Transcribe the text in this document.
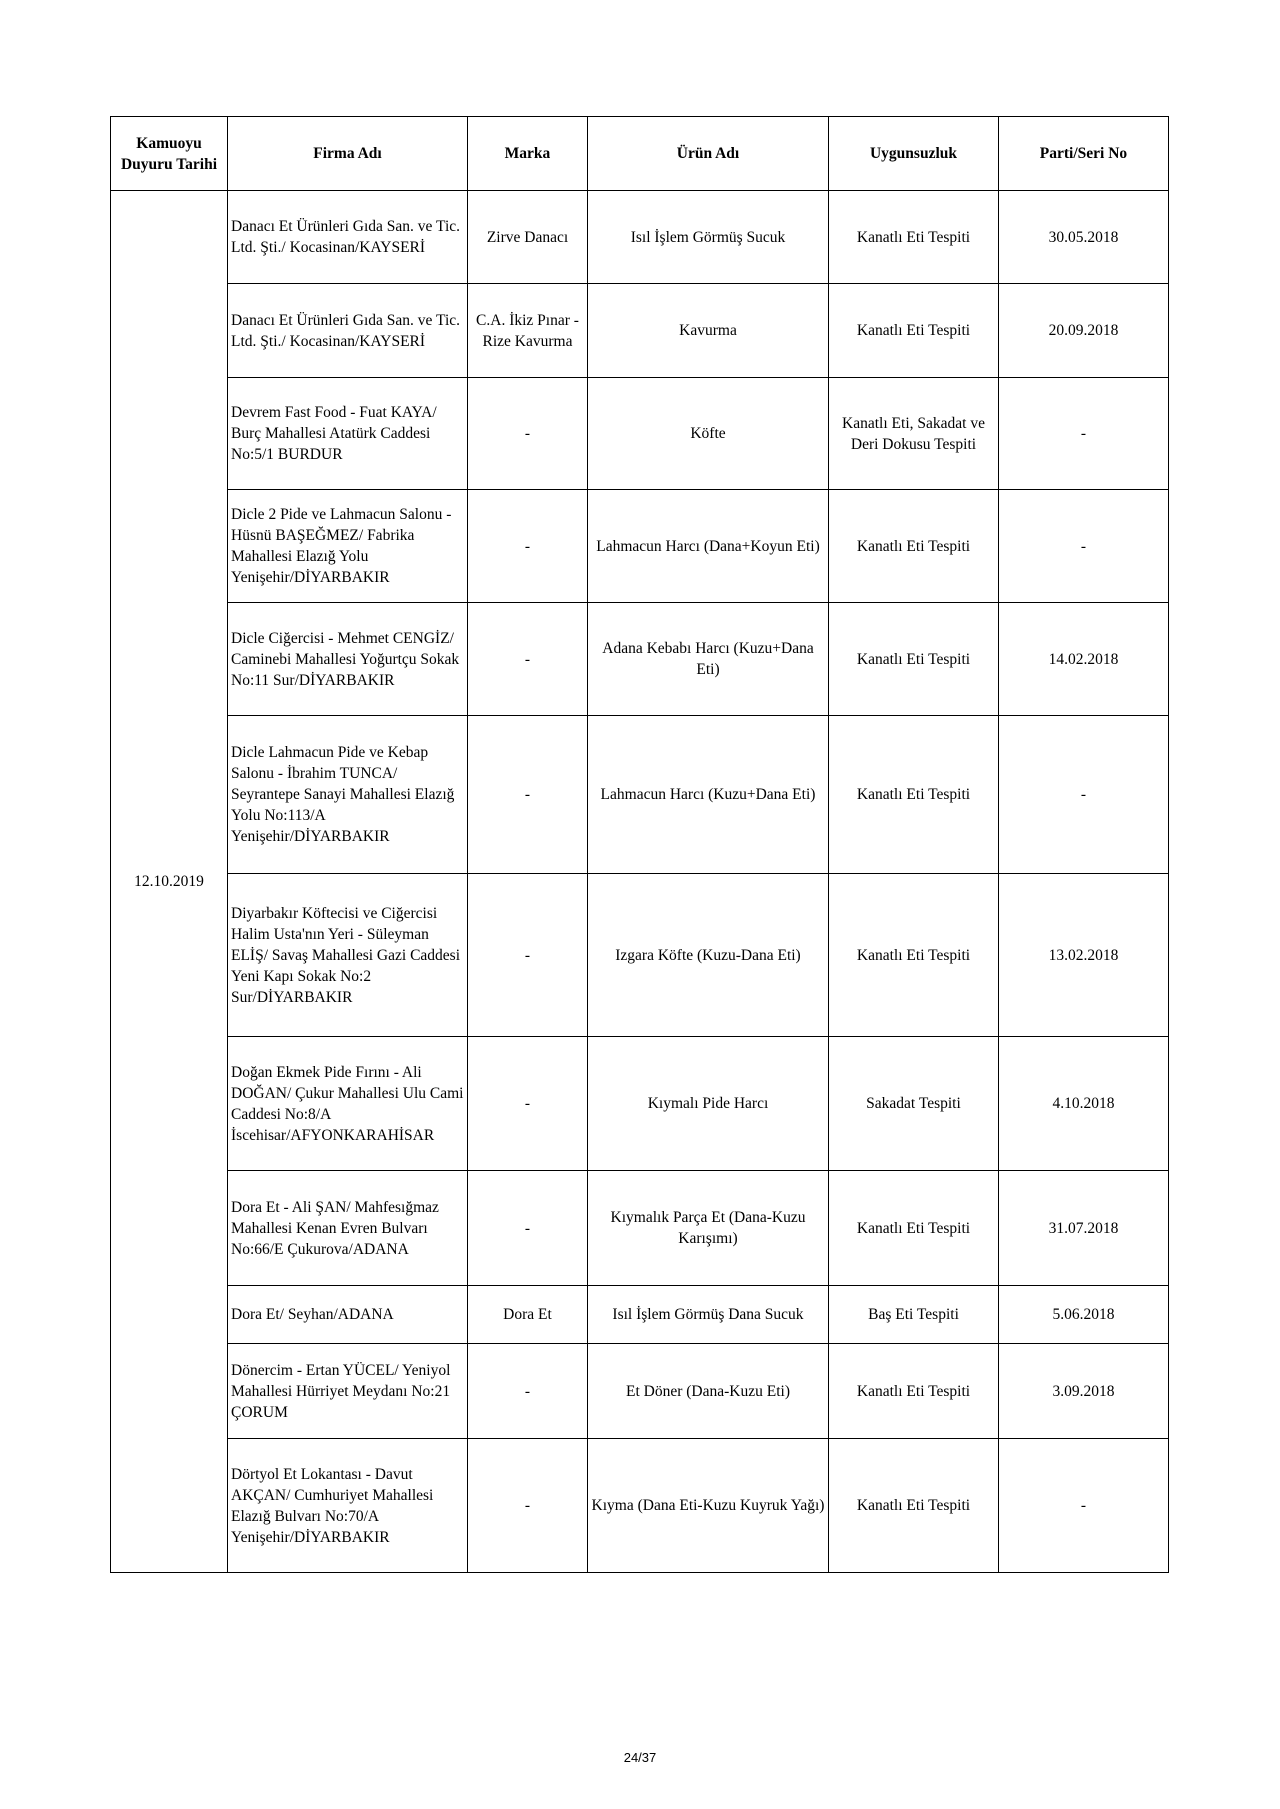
Kamuoyu Duyuru Tarihi	Firma Adı	Marka	Ürün Adı	Uygunsuzluk	Parti/Seri No
12.10.2019	Danacı Et Ürünleri Gıda San. ve Tic. Ltd. Şti./ Kocasinan/KAYSERİ	Zirve Danacı	Isıl İşlem Görmüş Sucuk	Kanatlı Eti Tespiti	30.05.2018
	Danacı Et Ürünleri Gıda San. ve Tic. Ltd. Şti./ Kocasinan/KAYSERİ	C.A. İkiz Pınar - Rize Kavurma	Kavurma	Kanatlı Eti Tespiti	20.09.2018
	Devrem Fast Food - Fuat KAYA/ Burç Mahallesi Atatürk Caddesi No:5/1 BURDUR	-	Köfte	Kanatlı Eti, Sakadat ve Deri Dokusu Tespiti	-
	Dicle 2 Pide ve Lahmacun Salonu - Hüsnü BAŞEĞMEZ/ Fabrika Mahallesi Elazığ Yolu Yenişehir/DİYARBAKIR	-	Lahmacun Harcı (Dana+Koyun Eti)	Kanatlı Eti Tespiti	-
	Dicle Ciğercisi - Mehmet CENGİZ/ Caminebi Mahallesi Yoğurtçu Sokak No:11 Sur/DİYARBAKIR	-	Adana Kebabı Harcı (Kuzu+Dana Eti)	Kanatlı Eti Tespiti	14.02.2018
	Dicle Lahmacun Pide ve Kebap Salonu - İbrahim TUNCA/ Seyrantepe Sanayi Mahallesi Elazığ Yolu No:113/A Yenişehir/DİYARBAKIR	-	Lahmacun Harcı (Kuzu+Dana Eti)	Kanatlı Eti Tespiti	-
	Diyarbakır Köftecisi ve Ciğercisi Halim Usta'nın Yeri - Süleyman ELİŞ/ Savaş Mahallesi Gazi Caddesi Yeni Kapı Sokak No:2 Sur/DİYARBAKIR	-	Izgara Köfte (Kuzu-Dana Eti)	Kanatlı Eti Tespiti	13.02.2018
	Doğan Ekmek Pide Fırını - Ali DOĞAN/ Çukur Mahallesi Ulu Cami Caddesi No:8/A İscehisar/AFYONKARAHİSAR	-	Kıymalı Pide Harcı	Sakadat Tespiti	4.10.2018
	Dora Et - Ali ŞAN/ Mahfesığmaz Mahallesi Kenan Evren Bulvarı No:66/E Çukurova/ADANA	-	Kıymalık Parça Et (Dana-Kuzu Karışımı)	Kanatlı Eti Tespiti	31.07.2018
	Dora Et/ Seyhan/ADANA	Dora Et	Isıl İşlem Görmüş Dana Sucuk	Baş Eti Tespiti	5.06.2018
	Dönercim - Ertan YÜCEL/ Yeniyol Mahallesi Hürriyet Meydanı No:21 ÇORUM	-	Et Döner (Dana-Kuzu Eti)	Kanatlı Eti Tespiti	3.09.2018
	Dörtyol Et Lokantası - Davut AKÇAN/ Cumhuriyet Mahallesi Elazığ Bulvarı No:70/A Yenişehir/DİYARBAKIR	-	Kıyma (Dana Eti-Kuzu Kuyruk Yağı)	Kanatlı Eti Tespiti	-
24/37
